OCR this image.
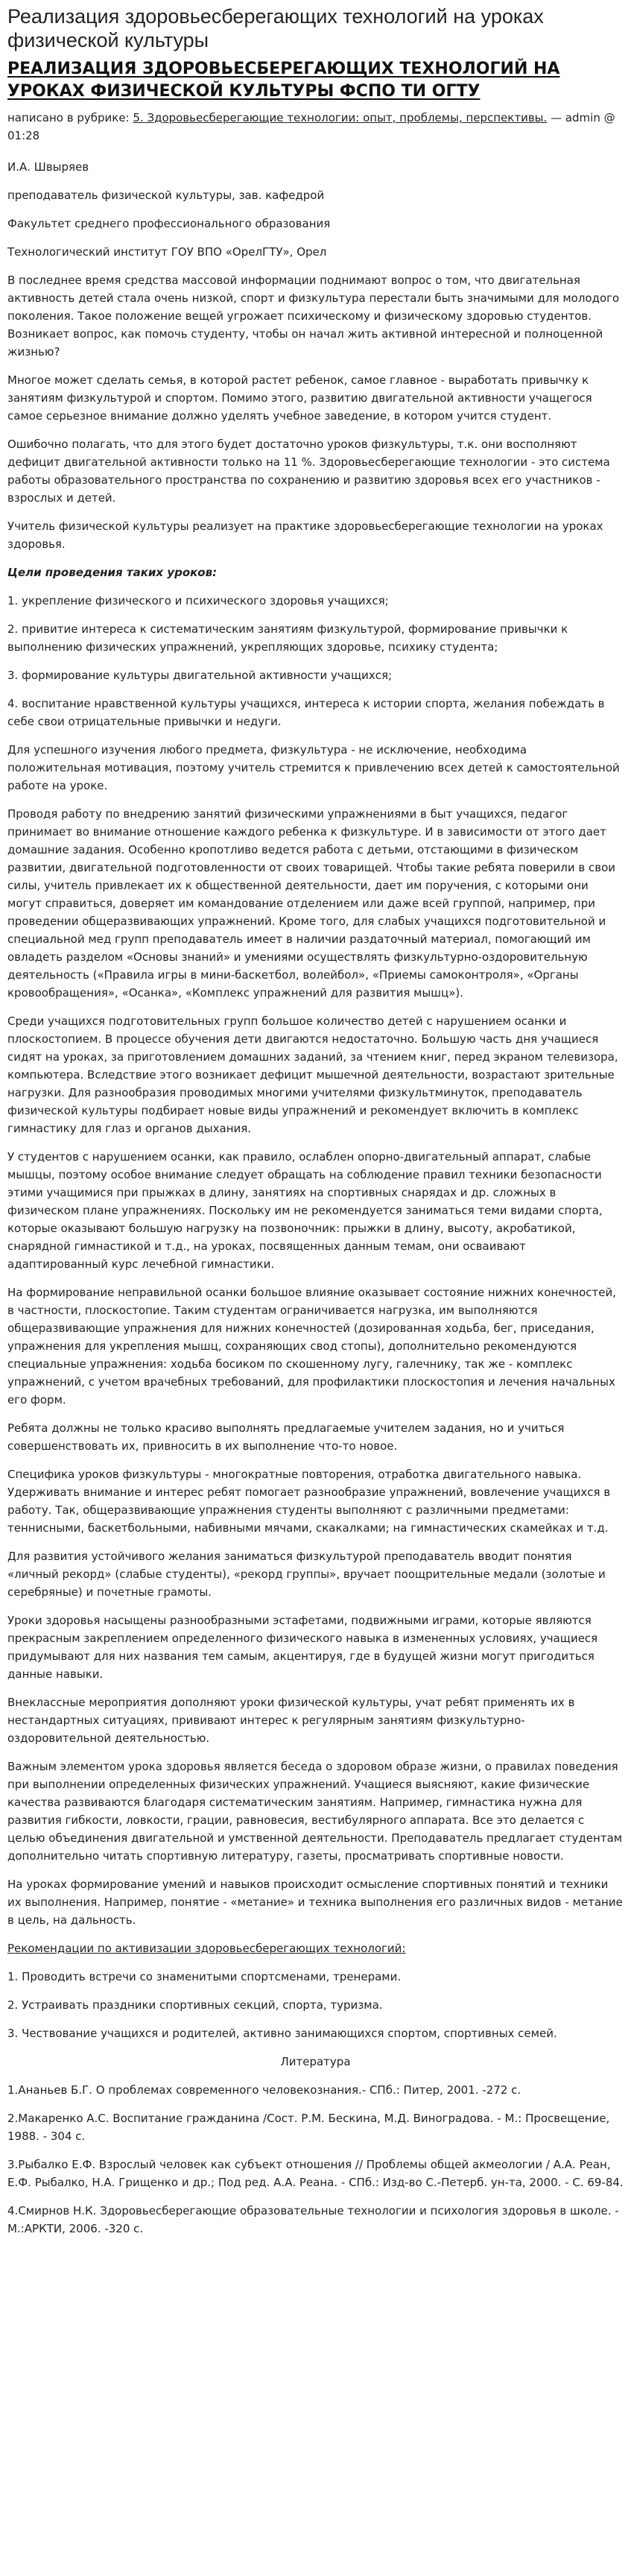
Реализация здоровьесберегающих технологий на уроках физической культуры
РЕАЛИЗАЦИЯ ЗДОРОВЬЕСБЕРЕГАЮЩИХ ТЕХНОЛОГИЙ НА УРОКАХ ФИЗИЧЕСКОЙ КУЛЬТУРЫ ФСПО ТИ ОГТУ
написано в рубрике: 5. Здоровьесберегающие технологии: опыт, проблемы, перспективы. — admin @ 01:28

И.А. Швыряев

преподаватель физической культуры, зав. кафедрой

Факультет среднего профессионального образования

Технологический институт ГОУ ВПО «ОрелГТУ», Орел

В последнее время средства массовой информации поднимают вопрос о том, что двигательная активность детей стала очень низкой, спорт и физкультура перестали быть значимыми для молодого поколения. Такое положение вещей угрожает психическому и физическому здоровью студентов. Возникает вопрос, как помочь студенту, чтобы он начал жить активной интересной и полноценной жизнью?

Многое может сделать семья, в которой растет ребенок, самое главное - выработать привычку к занятиям физкультурой и спортом. Помимо этого, развитию двигательной активности учащегося самое серьезное внимание должно уделять учебное заведение, в котором учится студент.

Ошибочно полагать, что для этого будет достаточно уроков физкультуры, т.к. они восполняют дефицит двигательной активности только на 11 %. Здоровьесберегающие технологии - это система работы образовательного пространства по сохранению и развитию здоровья всех его участников - взрослых и детей.

Учитель физической культуры реализует на практике здоровьесберегающие технологии на уроках здоровья.

Цели проведения таких уроков:

1. укрепление физического и психического здоровья учащихся;

2. привитие интереса к систематическим занятиям физкультурой, формирование привычки к выполнению физических упражнений, укрепляющих здоровье, психику студента;

3. формирование культуры двигательной активности учащихся;

4. воспитание нравственной культуры учащихся, интереса к истории спорта, желания побеждать в себе свои отрицательные привычки и недуги.

Для успешного изучения любого предмета, физкультура - не исключение, необходима положительная мотивация, поэтому учитель стремится к привлечению всех детей к самостоятельной работе на уроке.

Проводя работу по внедрению занятий физическими упражнениями в быт учащихся, педагог принимает во внимание отношение каждого ребенка к физкультуре. И в зависимости от этого дает домашние задания. Особенно кропотливо ведется работа с детьми, отстающими в физическом развитии, двигательной подготовленности от своих товарищей. Чтобы такие ребята поверили в свои силы, учитель привлекает их к общественной деятельности, дает им поручения, с которыми они могут справиться, доверяет им командование отделением или даже всей группой, например, при проведении общеразвивающих упражнений. Кроме того, для слабых учащихся подготовительной и специальной мед групп преподаватель имеет в наличии раздаточный материал, помогающий им овладеть разделом «Основы знаний» и умениями осуществлять физкультурно-оздоровительную деятельность («Правила игры в мини-баскетбол, волейбол», «Приемы самоконтроля», «Органы кровообращения», «Осанка», «Комплекс упражнений для развития мышц»).

Среди учащихся подготовительных групп большое количество детей с нарушением осанки и плоскостопием. В процессе обучения дети двигаются недостаточно. Большую часть дня учащиеся сидят на уроках, за приготовлением домашних заданий, за чтением книг, перед экраном телевизора, компьютера. Вследствие этого возникает дефицит мышечной деятельности, возрастают зрительные нагрузки. Для разнообразия проводимых многими учителями физкультминуток, преподаватель физической культуры подбирает новые виды упражнений и рекомендует включить в комплекс гимнастику для глаз и органов дыхания.

У студентов с нарушением осанки, как правило, ослаблен опорно-двигательный аппарат, слабые мышцы, поэтому особое внимание следует обращать на соблюдение правил техники безопасности этими учащимися при прыжках в длину, занятиях на спортивных снарядах и др. сложных в физическом плане упражнениях. Поскольку им не рекомендуется заниматься теми видами спорта, которые оказывают большую нагрузку на позвоночник: прыжки в длину, высоту, акробатикой, снарядной гимнастикой и т.д., на уроках, посвященных данным темам, они осваивают адаптированный курс лечебной гимнастики.

На формирование неправильной осанки большое влияние оказывает состояние нижних конечностей, в частности, плоскостопие. Таким студентам ограничивается нагрузка, им выполняются общеразвивающие упражнения для нижних конечностей (дозированная ходьба, бег, приседания, упражнения для укрепления мышц, сохраняющих свод стопы), дополнительно рекомендуются специальные упражнения: ходьба босиком по скошенному лугу, галечнику, так же - комплекс упражнений, с учетом врачебных требований, для профилактики плоскостопия и лечения начальных его форм.

Ребята должны не только красиво выполнять предлагаемые учителем задания, но и учиться совершенствовать их, привносить в их выполнение что-то новое.

Специфика уроков физкультуры - многократные повторения, отработка двигательного навыка. Удерживать внимание и интерес ребят помогает разнообразие упражнений, вовлечение учащихся в работу. Так, общеразвивающие упражнения студенты выполняют с различными предметами: теннисными, баскетбольными, набивными мячами, скакалками; на гимнастических скамейках и т.д.

Для развития устойчивого желания заниматься физкультурой преподаватель вводит понятия «личный рекорд» (слабые студенты), «рекорд группы», вручает поощрительные медали (золотые и серебряные) и почетные грамоты.

Уроки здоровья насыщены разнообразными эстафетами, подвижными играми, которые являются прекрасным закреплением определенного физического навыка в измененных условиях, учащиеся придумывают для них названия тем самым, акцентируя, где в будущей жизни могут пригодиться данные навыки.

Внеклассные мероприятия дополняют уроки физической культуры, учат ребят применять их в нестандартных ситуациях, прививают интерес к регулярным занятиям физкультурно-оздоровительной деятельностью.

Важным элементом урока здоровья является беседа о здоровом образе жизни, о правилах поведения при выполнении определенных физических упражнений. Учащиеся выясняют, какие физические качества развиваются благодаря систематическим занятиям. Например, гимнастика нужна для развития гибкости, ловкости, грации, равновесия, вестибулярного аппарата. Все это делается с целью объединения двигательной и умственной деятельности. Преподаватель предлагает студентам дополнительно читать спортивную литературу, газеты, просматривать спортивные новости.

На уроках формирование умений и навыков происходит осмысление спортивных понятий и техники их выполнения. Например, понятие - «метание» и техника выполнения его различных видов - метание в цель, на дальность.

Рекомендации по активизации здоровьесберегающих технологий:

1. Проводить встречи со знаменитыми спортсменами, тренерами.

2. Устраивать праздники спортивных секций, спорта, туризма.

3. Чествование учащихся и родителей, активно занимающихся спортом, спортивных семей.

Литература

1.Ананьев Б.Г. О проблемах современного человекознания.- СПб.: Питер, 2001. -272 с.

2.Макаренко А.С. Воспитание гражданина /Сост. Р.М. Бескина, М.Д. Виноградова. - М.: Просвещение, 1988. - 304 с.

3.Рыбалко Е.Ф. Взрослый человек как субъект отношения // Проблемы общей акмеологии / А.А. Реан, Е.Ф. Рыбалко, Н.А. Грищенко и др.; Под ред. А.А. Реана. - СПб.: Изд-во С.-Петерб. ун-та, 2000. - С. 69-84.

4.Смирнов Н.К. Здоровьесберегающие образовательные технологии и психология здоровья в школе. - М.:АРКТИ, 2006. -320 с.
